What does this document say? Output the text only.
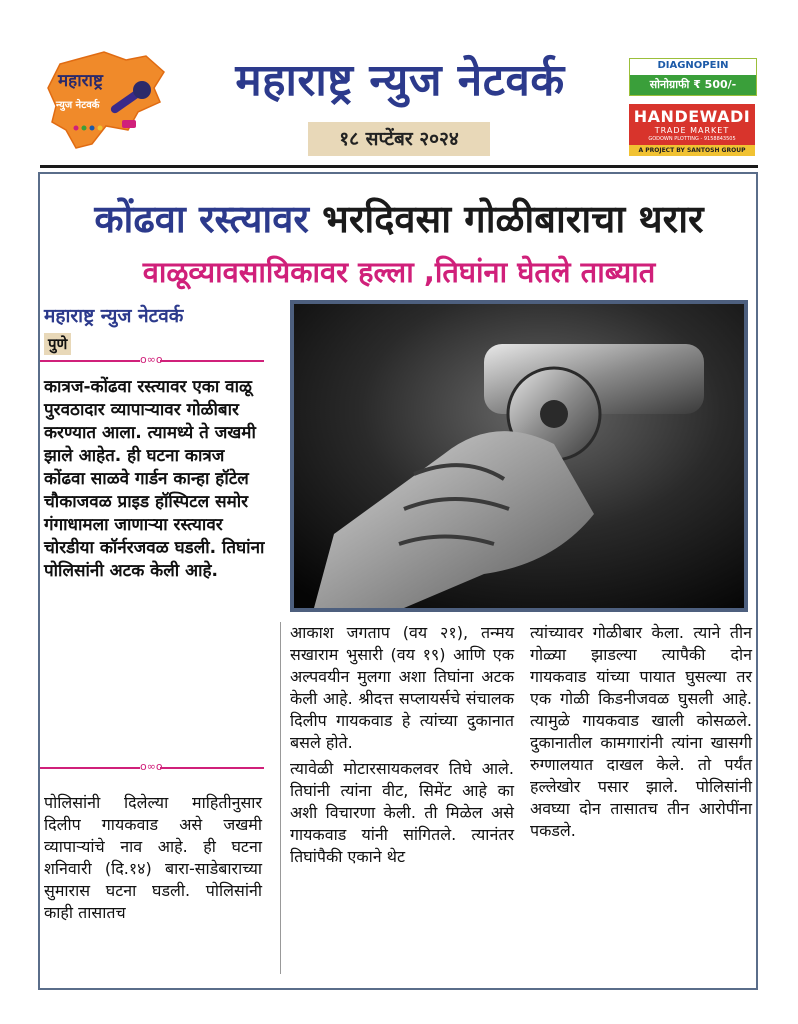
महाराष्ट्र
न्युज नेटवर्क	महाराष्ट्र न्युज नेटवर्क
१८ सप्टेंबर २०२४
DIAGNOPEIN
सोनोग्राफी ₹ 500/-
HANDEWADI
TRADE MARKET
GODOWN PLOTTING - 9158843505
A PROJECT BY SANTOSH GROUP
कोंढवा रस्त्यावर भरदिवसा गोळीबाराचा थरार
वाळूव्यावसायिकावर हल्ला ,तिघांना घेतले ताब्यात
महाराष्ट्र न्युज नेटवर्क
पुणे
o∞o
कात्रज-कोंढवा रस्त्यावर एका वाळू पुरवठादार व्यापाऱ्यावर गोळीबार करण्यात आला. त्यामध्ये ते जखमी झाले आहेत. ही घटना कात्रज कोंढवा साळवे गार्डन कान्हा हॉटेल चौकाजवळ प्राइड हॉस्पिटल समोर गंगाधामला जाणाऱ्या रस्त्यावर चोरडीया कॉर्नरजवळ घडली. तिघांना पोलिसांनी अटक केली आहे.
o∞o
पोलिसांनी दिलेल्या माहितीनुसार दिलीप गायकवाड असे जखमी व्यापाऱ्यांचे नाव आहे. ही घटना शनिवारी (दि.१४) बारा-साडेबाराच्या सुमारास घटना घडली. पोलिसांनी काही तासातच

आकाश जगताप (वय २१), तन्मय सखाराम भुसारी (वय १९) आणि एक अल्पवयीन मुलगा अशा तिघांना अटक केली आहे. श्रीदत्त सप्लायर्सचे संचालक दिलीप गायकवाड हे त्यांच्या दुकानात बसले होते.

त्यावेळी मोटारसायकलवर तिघे आले. तिघांनी त्यांना वीट, सिमेंट आहे का अशी विचारणा केली. ती मिळेल असे गायकवाड यांनी सांगितले. त्यानंतर तिघांपैकी एकाने थेट

त्यांच्यावर गोळीबार केला. त्याने तीन गोळ्या झाडल्या त्यापैकी दोन गायकवाड यांच्या पायात घुसल्या तर एक गोळी किडनीजवळ घुसली आहे. त्यामुळे गायकवाड खाली कोसळले. दुकानातील कामगारांनी त्यांना खासगी रुग्णालयात दाखल केले. तो पर्यंत हल्लेखोर पसार झाले. पोलिसांनी अवघ्या दोन तासातच तीन आरोपींना पकडले.
